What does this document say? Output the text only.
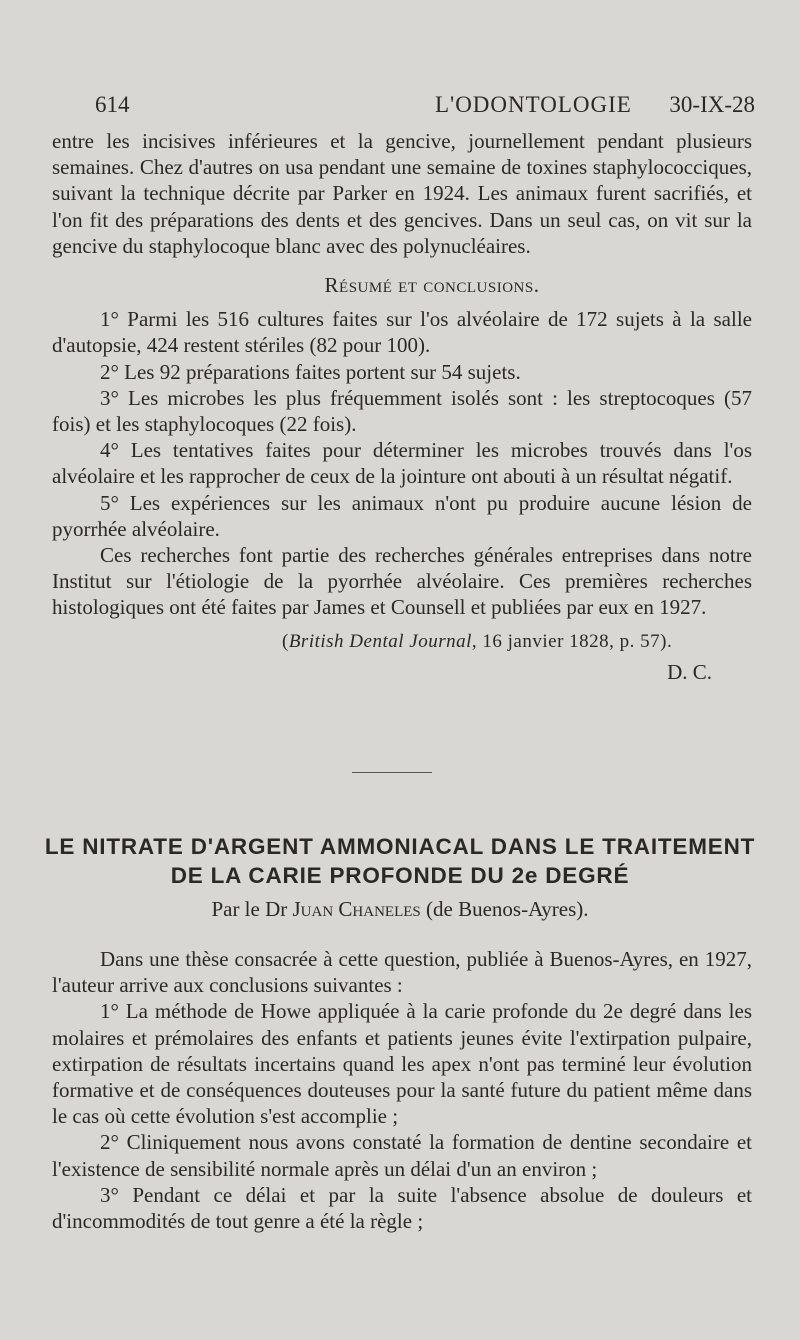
614	L'ODONTOLOGIE 30-IX-28

entre les incisives inférieures et la gencive, journellement pendant plusieurs semaines. Chez d'autres on usa pendant une semaine de toxines staphylococciques, suivant la technique décrite par Parker en 1924. Les animaux furent sacrifiés, et l'on fit des préparations des dents et des gencives. Dans un seul cas, on vit sur la gencive du staphylocoque blanc avec des polynucléaires.

Résumé et conclusions.

1° Parmi les 516 cultures faites sur l'os alvéolaire de 172 sujets à la salle d'autopsie, 424 restent stériles (82 pour 100).

2° Les 92 préparations faites portent sur 54 sujets.

3° Les microbes les plus fréquemment isolés sont : les streptocoques (57 fois) et les staphylocoques (22 fois).

4° Les tentatives faites pour déterminer les microbes trouvés dans l'os alvéolaire et les rapprocher de ceux de la jointure ont abouti à un résultat négatif.

5° Les expériences sur les animaux n'ont pu produire aucune lésion de pyorrhée alvéolaire.

Ces recherches font partie des recherches générales entreprises dans notre Institut sur l'étiologie de la pyorrhée alvéolaire. Ces premières recherches histologiques ont été faites par James et Counsell et publiées par eux en 1927.

(British Dental Journal, 16 janvier 1828, p. 57).
D. C.
LE NITRATE D'ARGENT AMMONIACAL DANS LE TRAITEMENT DE LA CARIE PROFONDE DU 2e DEGRÉ
Par le Dr Juan Chaneles (de Buenos-Ayres).

Dans une thèse consacrée à cette question, publiée à Buenos-Ayres, en 1927, l'auteur arrive aux conclusions suivantes :

1° La méthode de Howe appliquée à la carie profonde du 2e degré dans les molaires et prémolaires des enfants et patients jeunes évite l'extirpation pulpaire, extirpation de résultats incertains quand les apex n'ont pas terminé leur évolution formative et de conséquences douteuses pour la santé future du patient même dans le cas où cette évolution s'est accomplie ;

2° Cliniquement nous avons constaté la formation de dentine secondaire et l'existence de sensibilité normale après un délai d'un an environ ;

3° Pendant ce délai et par la suite l'absence absolue de douleurs et d'incommodités de tout genre a été la règle ;
